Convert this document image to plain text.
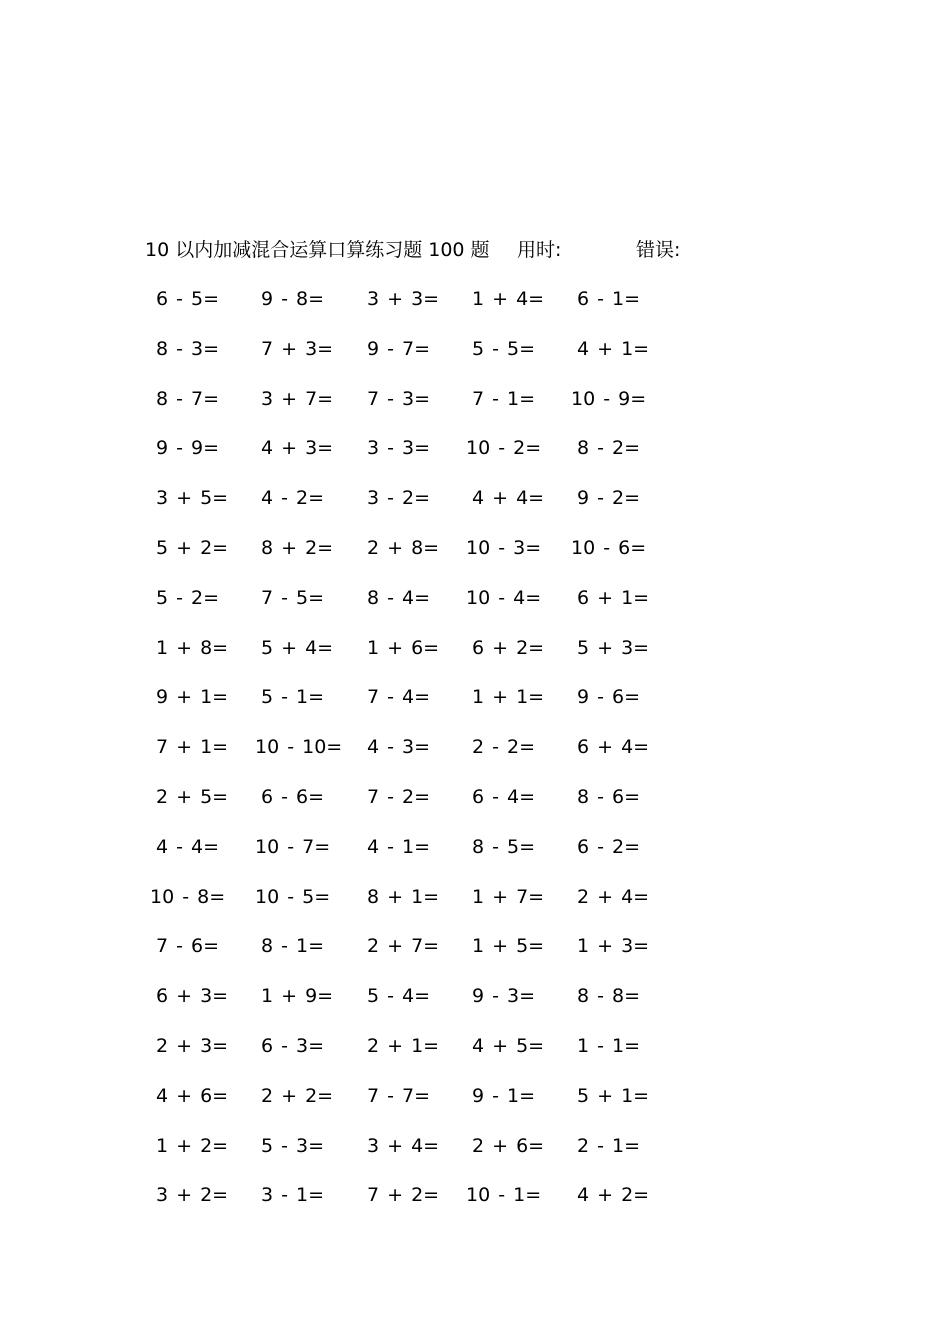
10 以内加减混合运算口算练习题 100 题 用时:	错误:
6 - 5= 9 - 8= 3 + 3= 1 + 4= 6 - 1=
8 - 3= 7 + 3= 9 - 7= 5 - 5= 4 + 1=
8 - 7= 3 + 7= 7 - 3= 7 - 1= 10 - 9=
9 - 9= 4 + 3= 3 - 3= 10 - 2= 8 - 2=
3 + 5= 4 - 2= 3 - 2= 4 + 4= 9 - 2=
5 + 2= 8 + 2= 2 + 8= 10 - 3= 10 - 6=
5 - 2= 7 - 5= 8 - 4= 10 - 4= 6 + 1=
1 + 8= 5 + 4= 1 + 6= 6 + 2= 5 + 3=
9 + 1= 5 - 1= 7 - 4= 1 + 1= 9 - 6=
7 + 1= 10 - 10= 4 - 3= 2 - 2= 6 + 4=
2 + 5= 6 - 6= 7 - 2= 6 - 4= 8 - 6=
4 - 4= 10 - 7= 4 - 1= 8 - 5= 6 - 2=
10 - 8= 10 - 5= 8 + 1= 1 + 7= 2 + 4=
7 - 6= 8 - 1= 2 + 7= 1 + 5= 1 + 3=
6 + 3= 1 + 9= 5 - 4= 9 - 3= 8 - 8=
2 + 3= 6 - 3= 2 + 1= 4 + 5= 1 - 1=
4 + 6= 2 + 2= 7 - 7= 9 - 1= 5 + 1=
1 + 2= 5 - 3= 3 + 4= 2 + 6= 2 - 1=
3 + 2= 3 - 1= 7 + 2= 10 - 1= 4 + 2=
